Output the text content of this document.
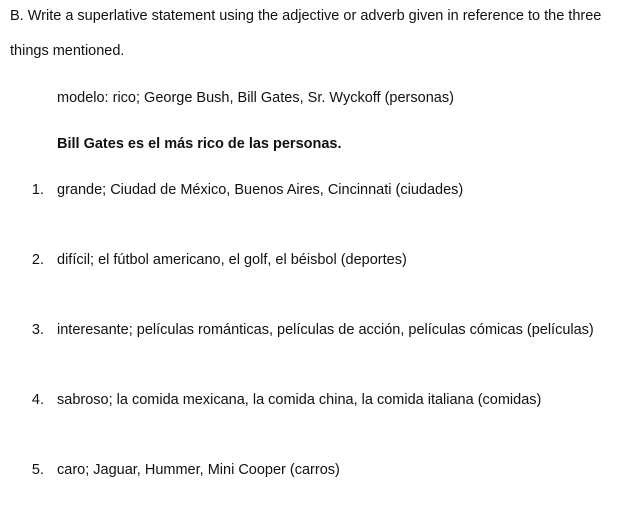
B. Write a superlative statement using the adjective or adverb given in reference to the three
things mentioned.
modelo: rico; George Bush, Bill Gates, Sr. Wyckoff (personas)
Bill Gates es el más rico de las personas.
1. grande; Ciudad de México, Buenos Aires, Cincinnati (ciudades)
2. difícil; el fútbol americano, el golf, el béisbol (deportes)
3. interesante; películas románticas, películas de acción, películas cómicas (películas)
4. sabroso; la comida mexicana, la comida china, la comida italiana (comidas)
5. caro; Jaguar, Hummer, Mini Cooper (carros)
